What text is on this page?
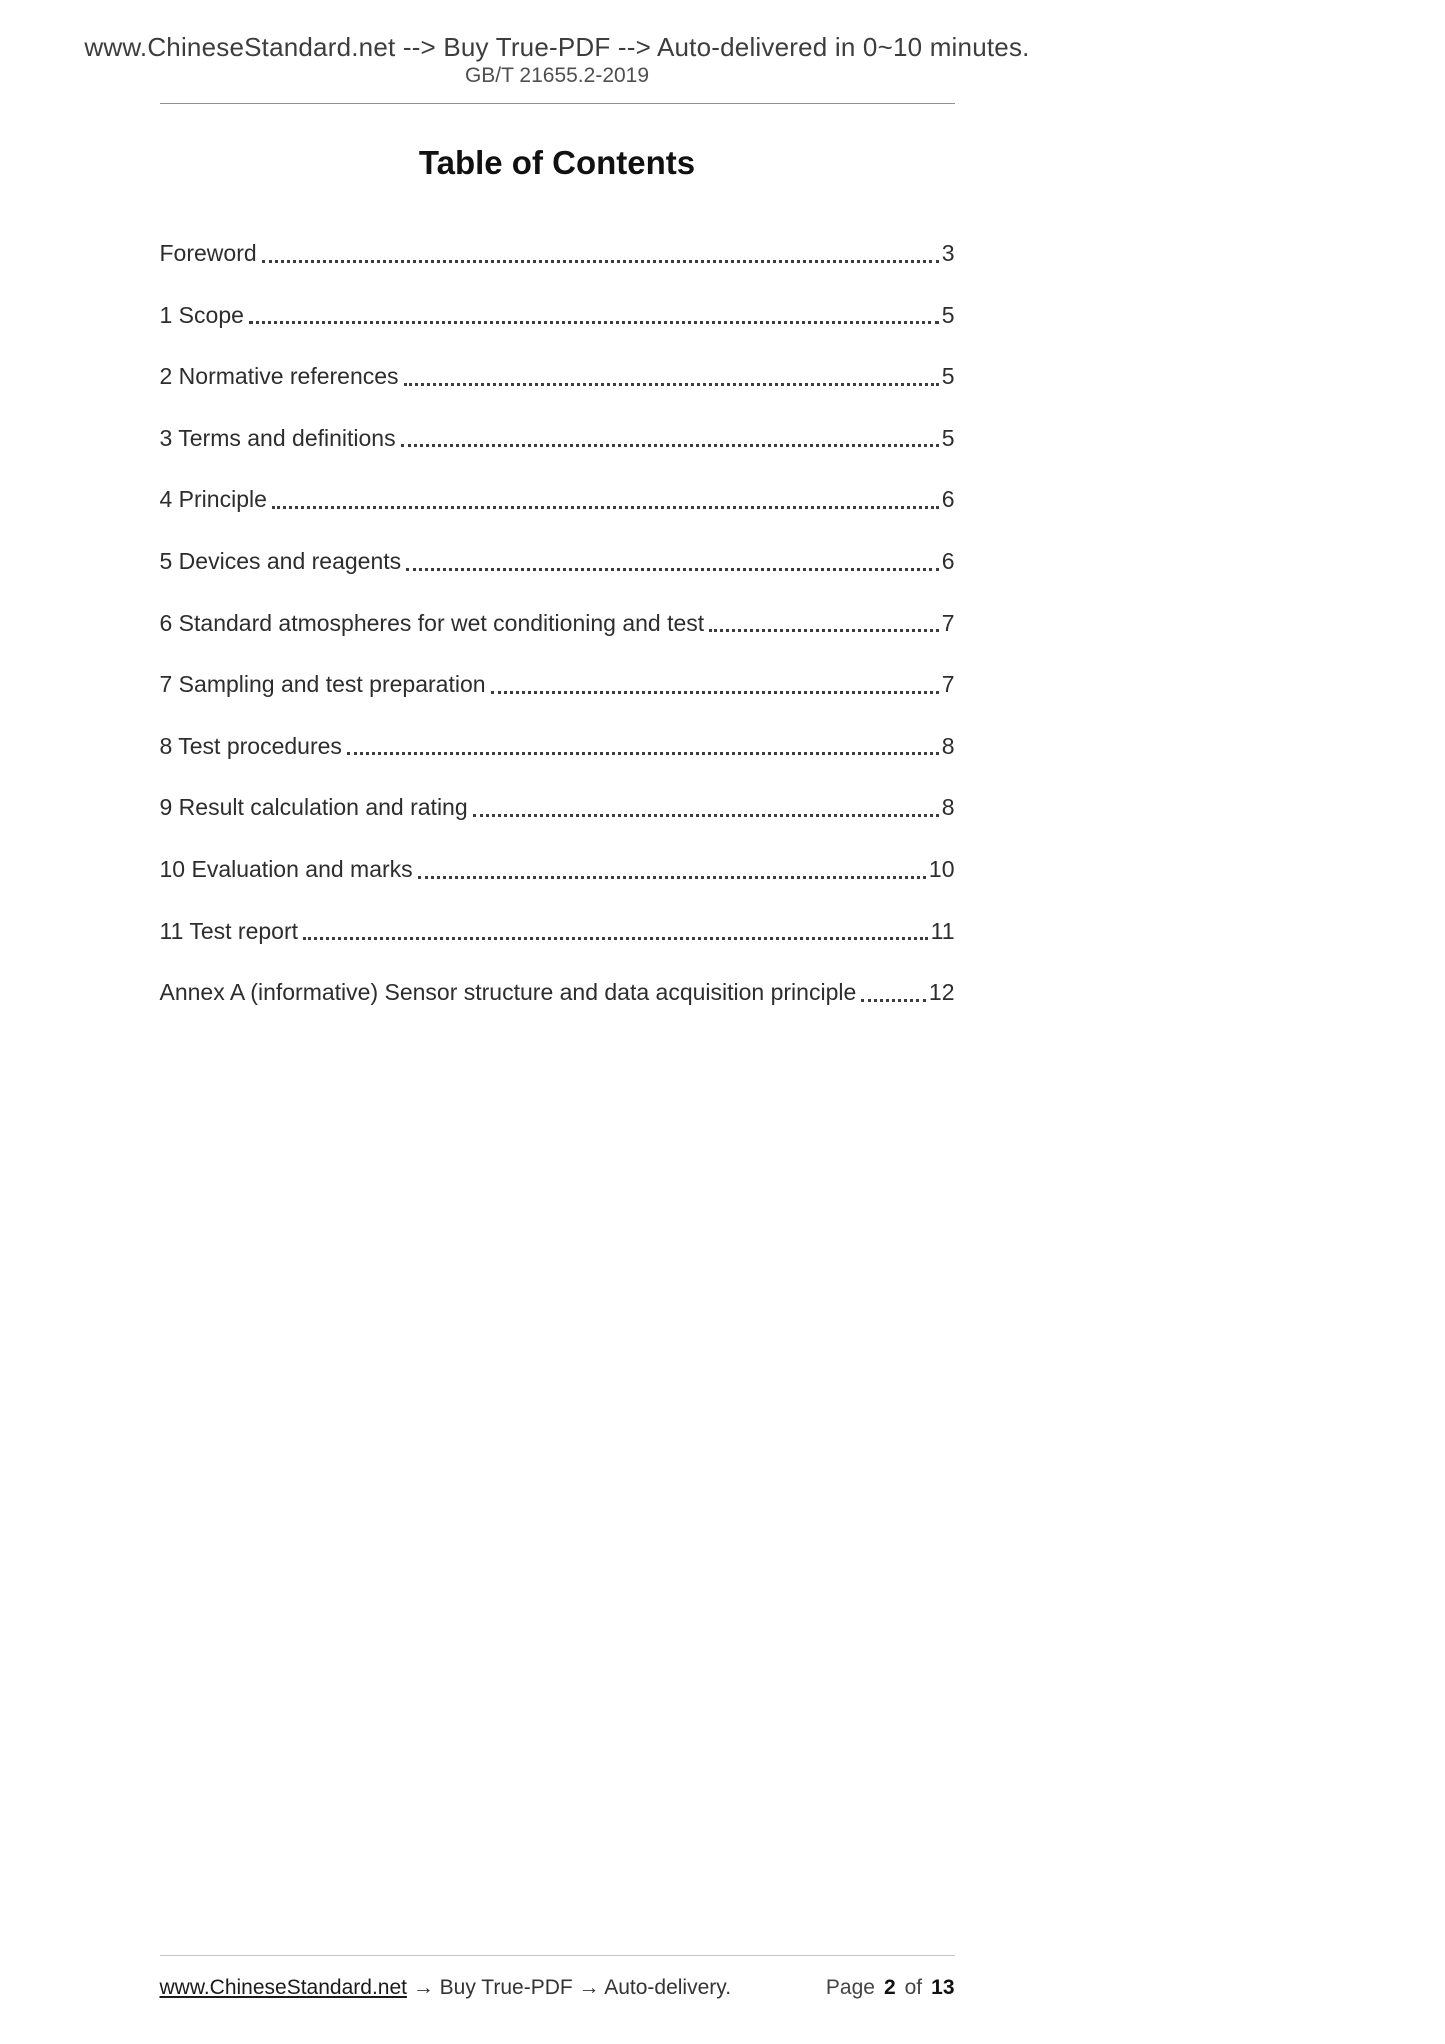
www.ChineseStandard.net --> Buy True-PDF --> Auto-delivered in 0~10 minutes.
GB/T 21655.2-2019
Table of Contents
Foreword	3
1 Scope	5
2 Normative references	5
3 Terms and definitions	5
4 Principle	6
5 Devices and reagents	6
6 Standard atmospheres for wet conditioning and test	7
7 Sampling and test preparation	7
8 Test procedures	8
9 Result calculation and rating	8
10 Evaluation and marks	10
11 Test report	11
Annex A (informative) Sensor structure and data acquisition principle	12
www.ChineseStandard.net → Buy True-PDF → Auto-delivery.	Page 2 of 13
